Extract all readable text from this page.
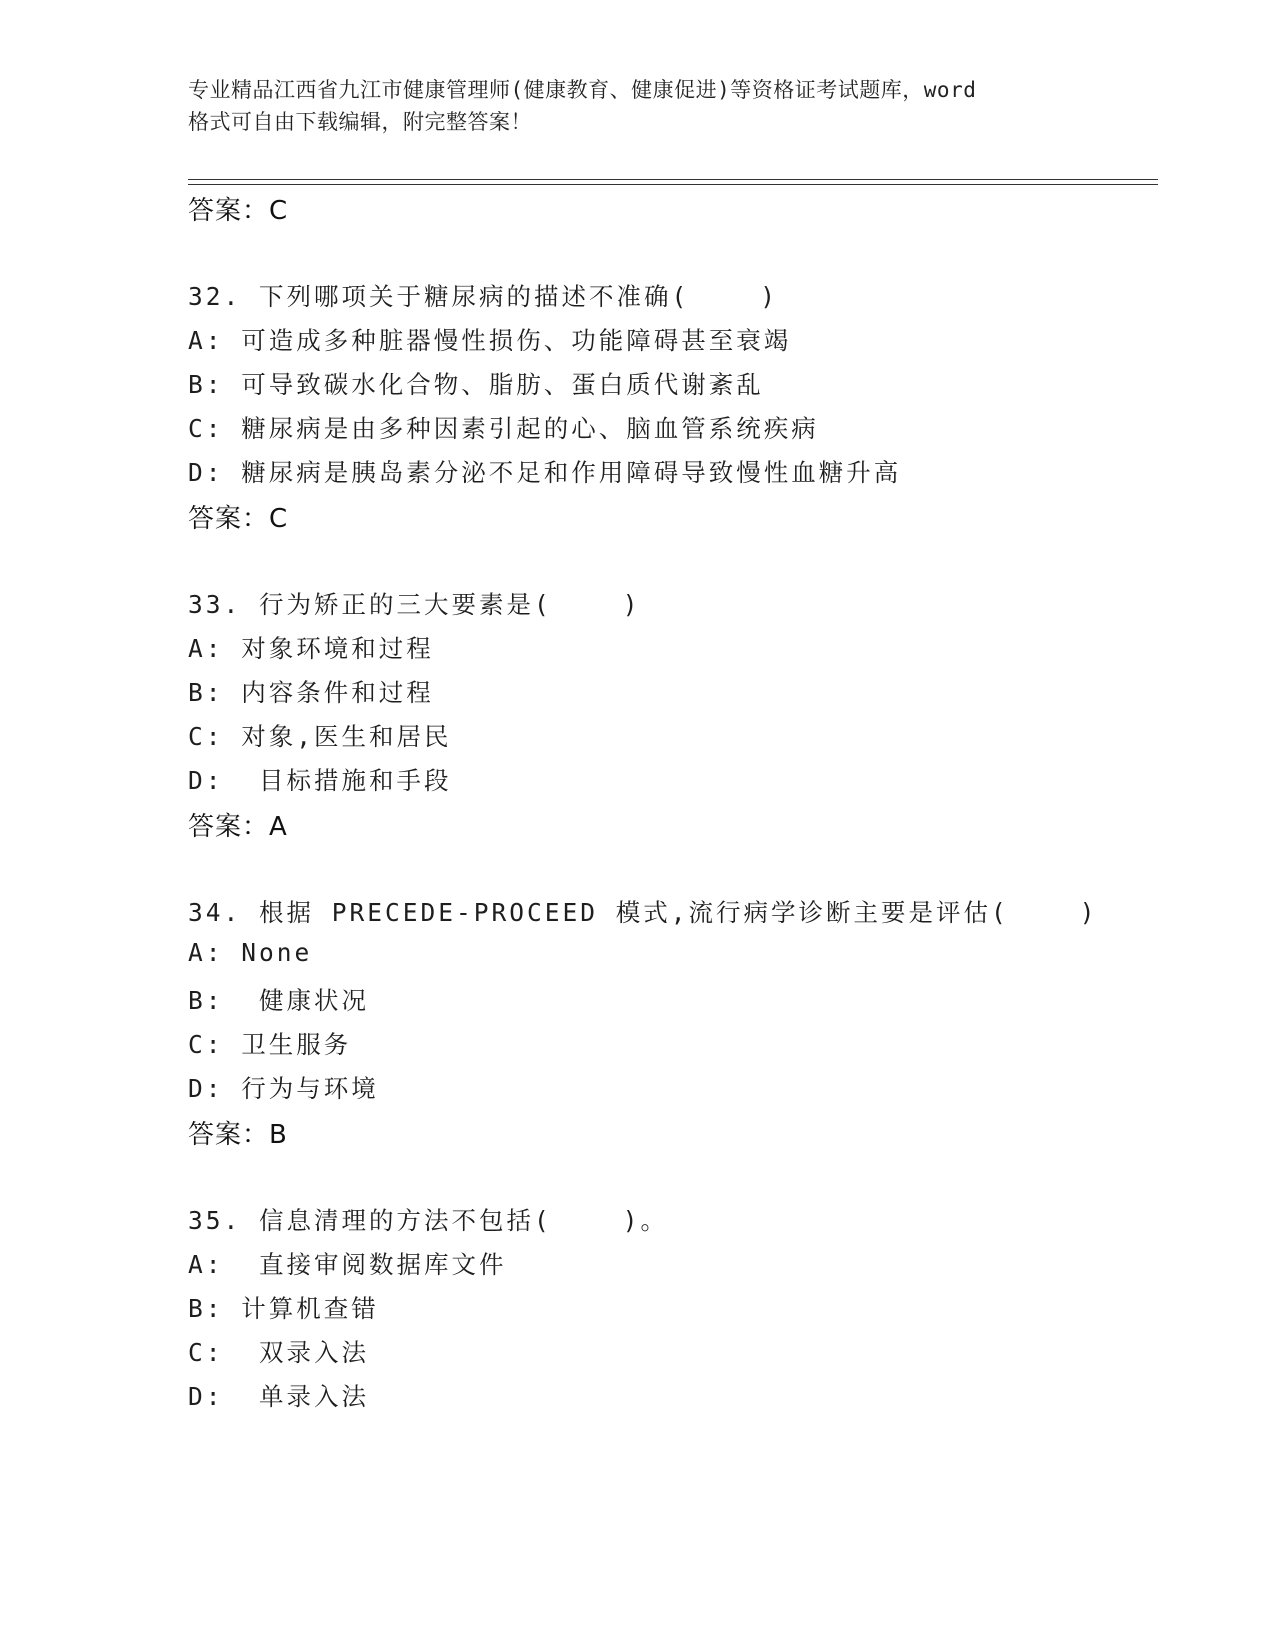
专业精品江西省九江市健康管理师(健康教育、健康促进)等资格证考试题库，word
格式可自由下载编辑，附完整答案！
答案：C
32. 下列哪项关于糖尿病的描述不准确(    )
A: 可造成多种脏器慢性损伤、功能障碍甚至衰竭
B: 可导致碳水化合物、脂肪、蛋白质代谢紊乱
C: 糖尿病是由多种因素引起的心、脑血管系统疾病
D: 糖尿病是胰岛素分泌不足和作用障碍导致慢性血糖升高
答案：C
33. 行为矫正的三大要素是(    )
A: 对象环境和过程
B: 内容条件和过程
C: 对象,医生和居民
D:  目标措施和手段
答案：A
34. 根据 PRECEDE-PROCEED 模式,流行病学诊断主要是评估(    )
A: None
B:  健康状况
C: 卫生服务
D: 行为与环境
答案：B
35. 信息清理的方法不包括(    )。
A:  直接审阅数据库文件
B: 计算机查错
C:  双录入法
D:  单录入法
